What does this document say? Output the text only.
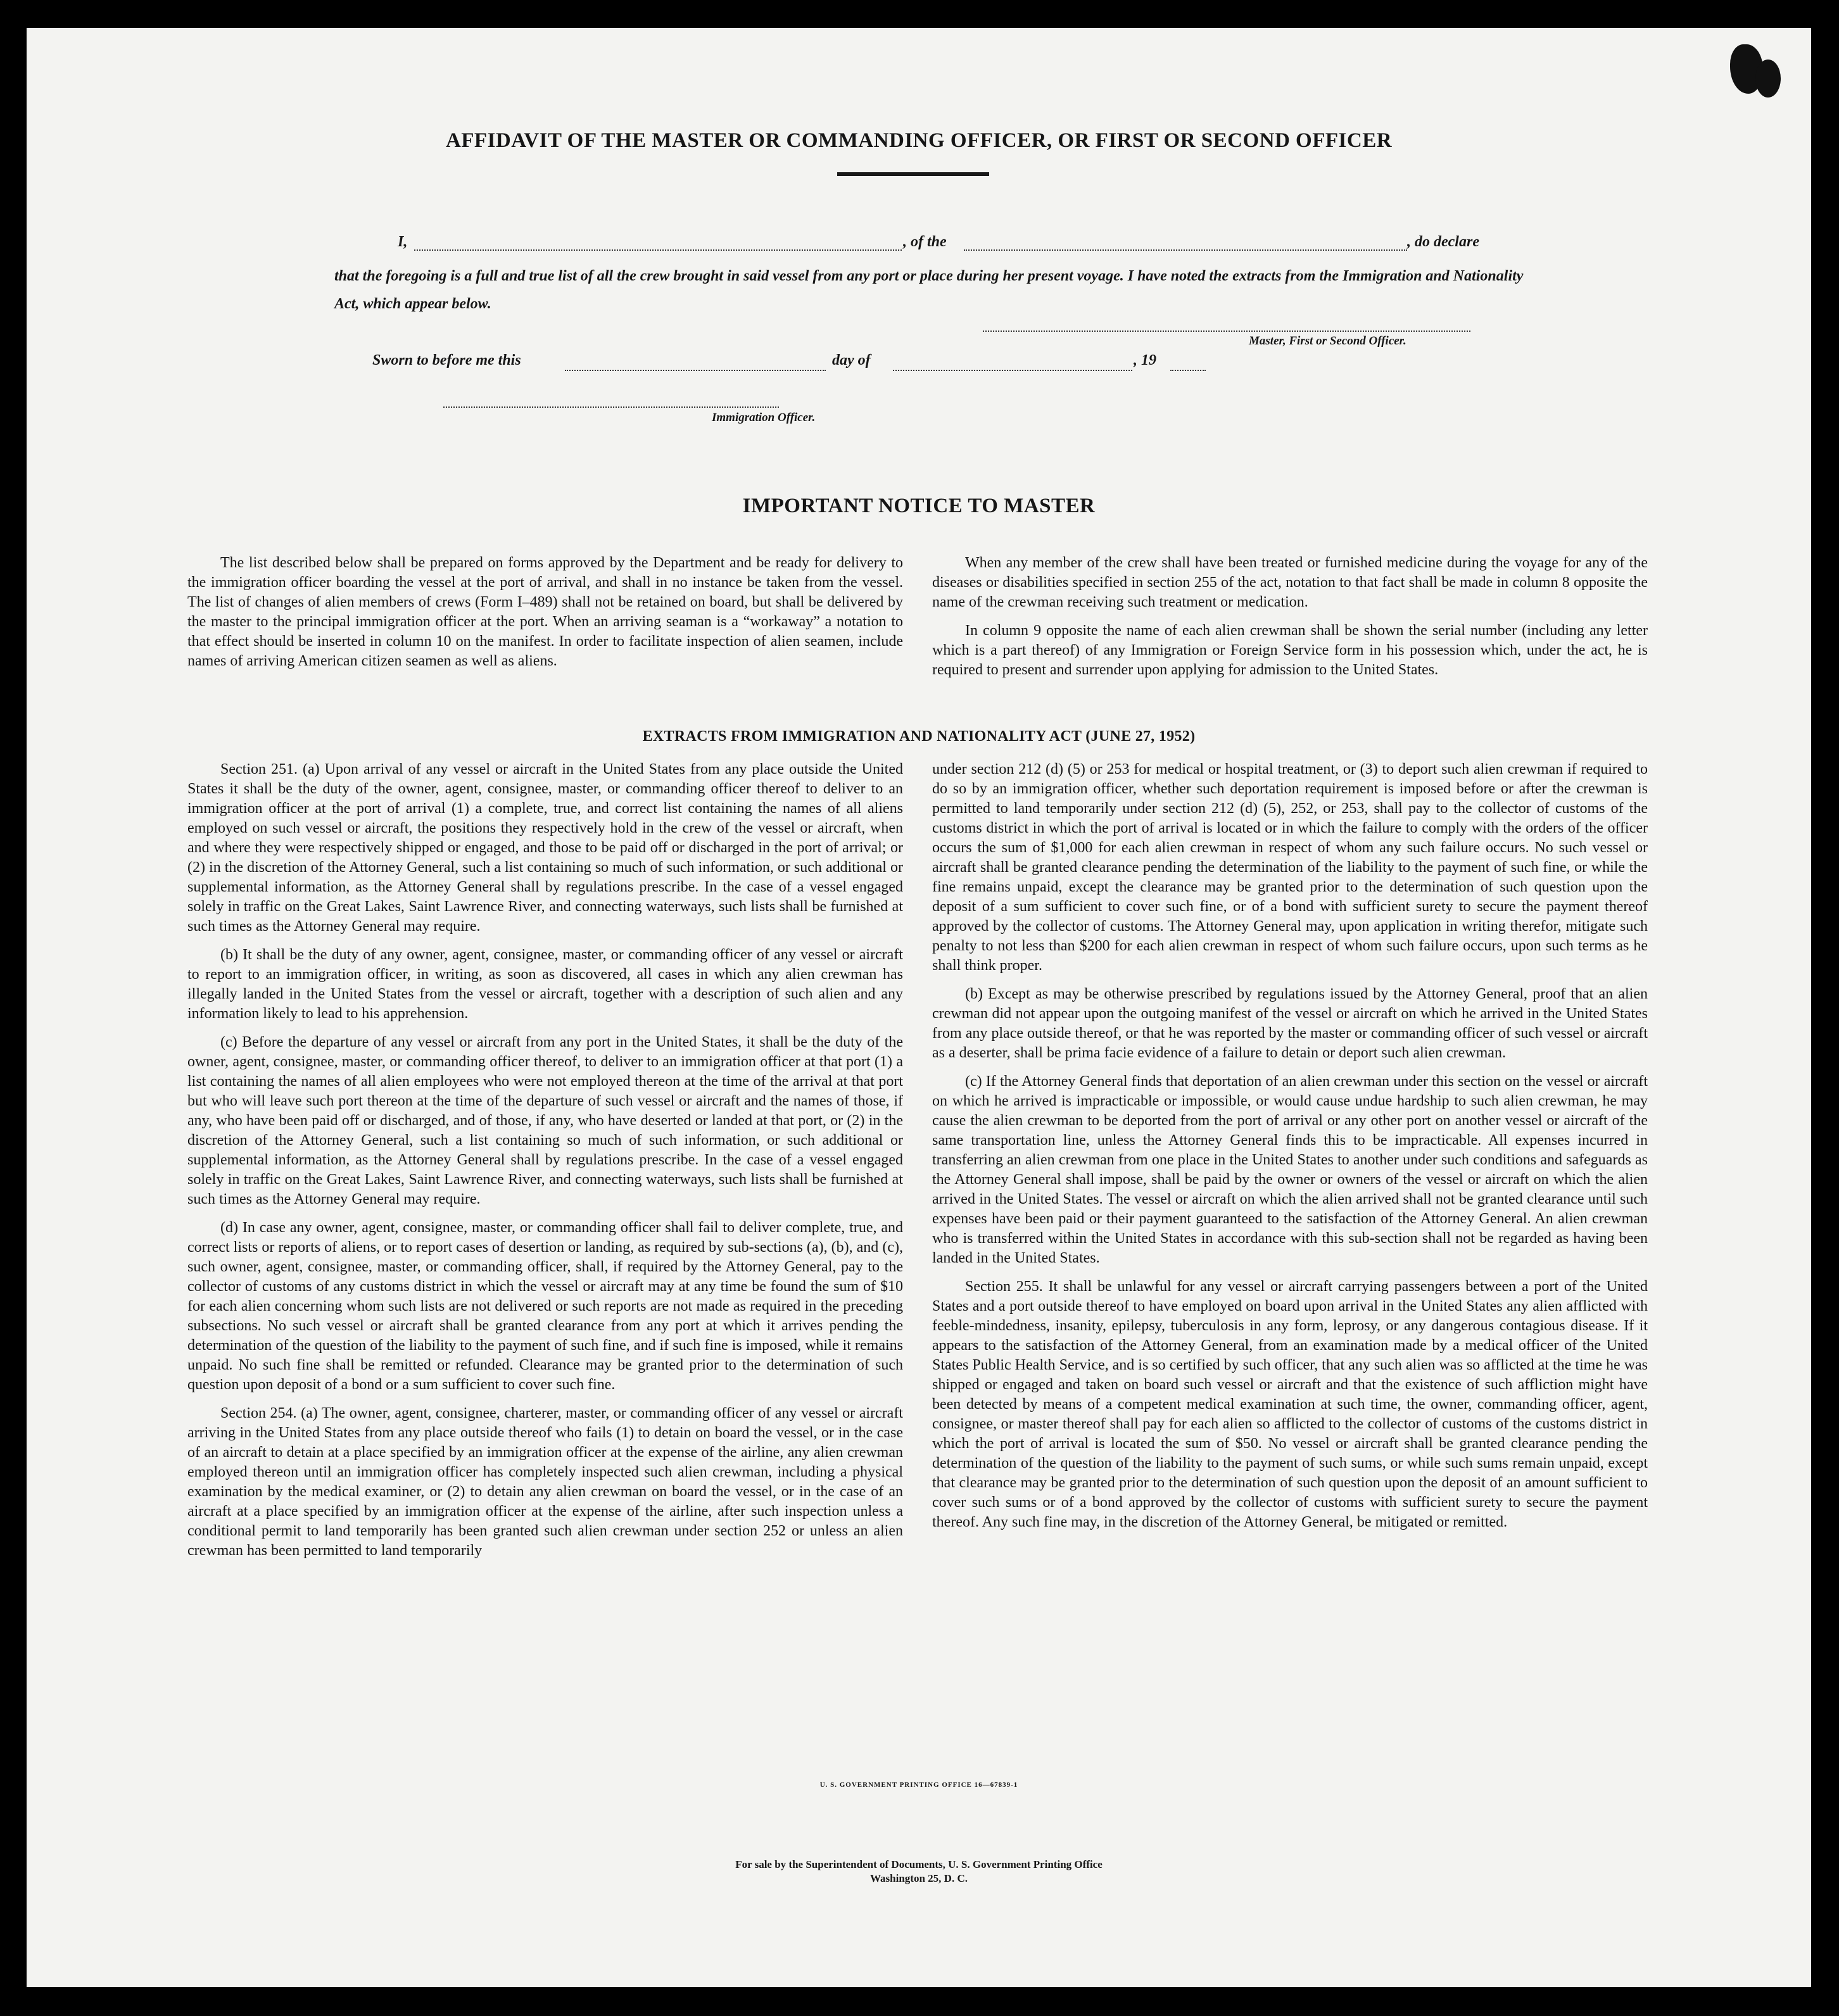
AFFIDAVIT OF THE MASTER OR COMMANDING OFFICER, OR FIRST OR SECOND OFFICER
I,	, of the	, do declare
that the foregoing is a full and true list of all the crew brought in said vessel from any port or place during her present voyage. I have noted the extracts from the Immigration and Nationality Act, which appear below.
Master, First or Second Officer.
Sworn to before me this	day of	, 19
Immigration Officer.
IMPORTANT NOTICE TO MASTER

The list described below shall be prepared on forms approved by the Department and be ready for delivery to the immigration officer boarding the vessel at the port of arrival, and shall in no instance be taken from the vessel. The list of changes of alien members of crews (Form I–489) shall not be retained on board, but shall be delivered by the master to the principal immigration officer at the port. When an arriving seaman is a “workaway” a notation to that effect should be inserted in column 10 on the manifest. In order to facilitate inspection of alien seamen, include names of arriving American citizen seamen as well as aliens.

When any member of the crew shall have been treated or furnished medicine during the voyage for any of the diseases or disabilities specified in section 255 of the act, notation to that fact shall be made in column 8 opposite the name of the crewman receiving such treatment or medication.

In column 9 opposite the name of each alien crewman shall be shown the serial number (including any letter which is a part thereof) of any Immigration or Foreign Service form in his possession which, under the act, he is required to present and surrender upon applying for admission to the United States.

EXTRACTS FROM IMMIGRATION AND NATIONALITY ACT (JUNE 27, 1952)

Section 251. (a) Upon arrival of any vessel or aircraft in the United States from any place outside the United States it shall be the duty of the owner, agent, consignee, master, or commanding officer thereof to deliver to an immigration officer at the port of arrival (1) a complete, true, and correct list containing the names of all aliens employed on such vessel or aircraft, the positions they respectively hold in the crew of the vessel or aircraft, when and where they were respectively shipped or engaged, and those to be paid off or discharged in the port of arrival; or (2) in the discretion of the Attorney General, such a list containing so much of such information, or such additional or supplemental information, as the Attorney General shall by regulations prescribe. In the case of a vessel engaged solely in traffic on the Great Lakes, Saint Lawrence River, and connecting waterways, such lists shall be furnished at such times as the Attorney General may require.

(b) It shall be the duty of any owner, agent, consignee, master, or commanding officer of any vessel or aircraft to report to an immigration officer, in writing, as soon as discovered, all cases in which any alien crewman has illegally landed in the United States from the vessel or aircraft, together with a description of such alien and any information likely to lead to his apprehension.

(c) Before the departure of any vessel or aircraft from any port in the United States, it shall be the duty of the owner, agent, consignee, master, or commanding officer thereof, to deliver to an immigration officer at that port (1) a list containing the names of all alien employees who were not employed thereon at the time of the arrival at that port but who will leave such port thereon at the time of the departure of such vessel or aircraft and the names of those, if any, who have been paid off or discharged, and of those, if any, who have deserted or landed at that port, or (2) in the discretion of the Attorney General, such a list containing so much of such information, or such additional or supplemental information, as the Attorney General shall by regulations prescribe. In the case of a vessel engaged solely in traffic on the Great Lakes, Saint Lawrence River, and connecting waterways, such lists shall be furnished at such times as the Attorney General may require.

(d) In case any owner, agent, consignee, master, or commanding officer shall fail to deliver complete, true, and correct lists or reports of aliens, or to report cases of desertion or landing, as required by sub-sections (a), (b), and (c), such owner, agent, consignee, master, or commanding officer, shall, if required by the Attorney General, pay to the collector of customs of any customs district in which the vessel or aircraft may at any time be found the sum of $10 for each alien concerning whom such lists are not delivered or such reports are not made as required in the preceding subsections. No such vessel or aircraft shall be granted clearance from any port at which it arrives pending the determination of the question of the liability to the payment of such fine, and if such fine is imposed, while it remains unpaid. No such fine shall be remitted or refunded. Clearance may be granted prior to the determination of such question upon deposit of a bond or a sum sufficient to cover such fine.

Section 254. (a) The owner, agent, consignee, charterer, master, or commanding officer of any vessel or aircraft arriving in the United States from any place outside thereof who fails (1) to detain on board the vessel, or in the case of an aircraft to detain at a place specified by an immigration officer at the expense of the airline, any alien crewman employed thereon until an immigration officer has completely inspected such alien crewman, including a physical examination by the medical examiner, or (2) to detain any alien crewman on board the vessel, or in the case of an aircraft at a place specified by an immigration officer at the expense of the airline, after such inspection unless a conditional permit to land temporarily has been granted such alien crewman under section 252 or unless an alien crewman has been permitted to land temporarily

under section 212 (d) (5) or 253 for medical or hospital treatment, or (3) to deport such alien crewman if required to do so by an immigration officer, whether such deportation requirement is imposed before or after the crewman is permitted to land temporarily under section 212 (d) (5), 252, or 253, shall pay to the collector of customs of the customs district in which the port of arrival is located or in which the failure to comply with the orders of the officer occurs the sum of $1,000 for each alien crewman in respect of whom any such failure occurs. No such vessel or aircraft shall be granted clearance pending the determination of the liability to the payment of such fine, or while the fine remains unpaid, except the clearance may be granted prior to the determination of such question upon the deposit of a sum sufficient to cover such fine, or of a bond with sufficient surety to secure the payment thereof approved by the collector of customs. The Attorney General may, upon application in writing therefor, mitigate such penalty to not less than $200 for each alien crewman in respect of whom such failure occurs, upon such terms as he shall think proper.

(b) Except as may be otherwise prescribed by regulations issued by the Attorney General, proof that an alien crewman did not appear upon the outgoing manifest of the vessel or aircraft on which he arrived in the United States from any place outside thereof, or that he was reported by the master or commanding officer of such vessel or aircraft as a deserter, shall be prima facie evidence of a failure to detain or deport such alien crewman.

(c) If the Attorney General finds that deportation of an alien crewman under this section on the vessel or aircraft on which he arrived is impracticable or impossible, or would cause undue hardship to such alien crewman, he may cause the alien crewman to be deported from the port of arrival or any other port on another vessel or aircraft of the same transportation line, unless the Attorney General finds this to be impracticable. All expenses incurred in transferring an alien crewman from one place in the United States to another under such conditions and safeguards as the Attorney General shall impose, shall be paid by the owner or owners of the vessel or aircraft on which the alien arrived in the United States. The vessel or aircraft on which the alien arrived shall not be granted clearance until such expenses have been paid or their payment guaranteed to the satisfaction of the Attorney General. An alien crewman who is transferred within the United States in accordance with this sub-section shall not be regarded as having been landed in the United States.

Section 255. It shall be unlawful for any vessel or aircraft carrying passengers between a port of the United States and a port outside thereof to have employed on board upon arrival in the United States any alien afflicted with feeble-mindedness, insanity, epilepsy, tuberculosis in any form, leprosy, or any dangerous contagious disease. If it appears to the satisfaction of the Attorney General, from an examination made by a medical officer of the United States Public Health Service, and is so certified by such officer, that any such alien was so afflicted at the time he was shipped or engaged and taken on board such vessel or aircraft and that the existence of such affliction might have been detected by means of a competent medical examination at such time, the owner, commanding officer, agent, consignee, or master thereof shall pay for each alien so afflicted to the collector of customs of the customs district in which the port of arrival is located the sum of $50. No vessel or aircraft shall be granted clearance pending the determination of the question of the liability to the payment of such sums, or while such sums remain unpaid, except that clearance may be granted prior to the determination of such question upon the deposit of an amount sufficient to cover such sums or of a bond approved by the collector of customs with sufficient surety to secure the payment thereof. Any such fine may, in the discretion of the Attorney General, be mitigated or remitted.

U. S. GOVERNMENT PRINTING OFFICE 16—67839-1
For sale by the Superintendent of Documents, U. S. Government Printing Office
Washington 25, D. C.
